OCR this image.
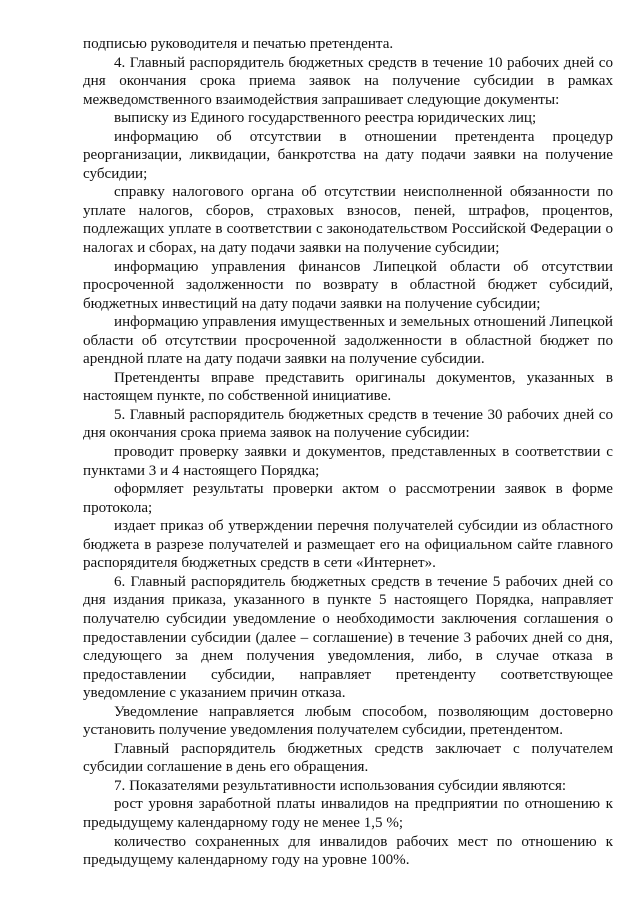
подписью руководителя и печатью претендента.

4. Главный распорядитель бюджетных средств в течение 10 рабочих дней со дня окончания срока приема заявок на получение субсидии в рамках межведомственного взаимодействия запрашивает следующие документы:

выписку из Единого государственного реестра юридических лиц;

информацию об отсутствии в отношении претендента процедур реорганизации, ликвидации, банкротства на дату подачи заявки на получение субсидии;

справку налогового органа об отсутствии неисполненной обязанности по уплате налогов, сборов, страховых взносов, пеней, штрафов, процентов, подлежащих уплате в соответствии с законодательством Российской Федерации о налогах и сборах, на дату подачи заявки на получение субсидии;

информацию управления финансов Липецкой области об отсутствии просроченной задолженности по возврату в областной бюджет субсидий, бюджетных инвестиций на дату подачи заявки на получение субсидии;

информацию управления имущественных и земельных отношений Липецкой области об отсутствии просроченной задолженности в областной бюджет по арендной плате на дату подачи заявки на получение субсидии.

Претенденты вправе представить оригиналы документов, указанных в настоящем пункте, по собственной инициативе.

5. Главный распорядитель бюджетных средств в течение 30 рабочих дней со дня окончания срока приема заявок на получение субсидии:

проводит проверку заявки и документов, представленных в соответствии с пунктами 3 и 4 настоящего Порядка;

оформляет результаты проверки актом о рассмотрении заявок в форме протокола;

издает приказ об утверждении перечня получателей субсидии из областного бюджета в разрезе получателей и размещает его на официальном сайте главного распорядителя бюджетных средств в сети «Интернет».

6. Главный распорядитель бюджетных средств в течение 5 рабочих дней со дня издания приказа, указанного в пункте 5 настоящего Порядка, направляет получателю субсидии уведомление о необходимости заключения соглашения о предоставлении субсидии (далее – соглашение) в течение 3 рабочих дней со дня, следующего за днем получения уведомления, либо, в случае отказа в предоставлении субсидии, направляет претенденту соответствующее уведомление с указанием причин отказа.

Уведомление направляется любым способом, позволяющим достоверно установить получение уведомления получателем субсидии, претендентом.

Главный распорядитель бюджетных средств заключает с получателем субсидии соглашение в день его обращения.

7. Показателями результативности использования субсидии являются:

рост уровня заработной платы инвалидов на предприятии по отношению к предыдущему календарному году не менее 1,5 %;

количество сохраненных для инвалидов рабочих мест по отношению к предыдущему календарному году на уровне 100%.
